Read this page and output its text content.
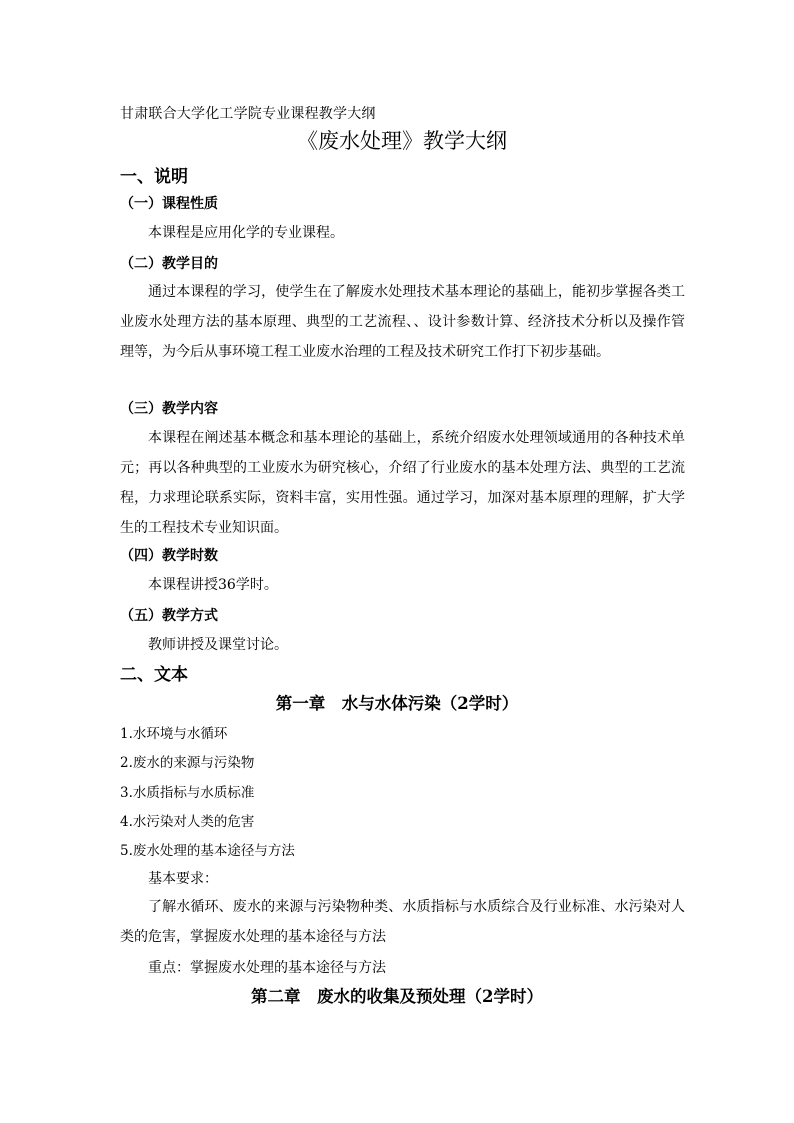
甘肃联合大学化工学院专业课程教学大纲
《废水处理》教学大纲
一、说明
（一）课程性质
本课程是应用化学的专业课程。
（二）教学目的
通过本课程的学习，使学生在了解废水处理技术基本理论的基础上，能初步掌握各类工业废水处理方法的基本原理、典型的工艺流程、、设计参数计算、经济技术分析以及操作管理等，为今后从事环境工程工业废水治理的工程及技术研究工作打下初步基础。
（三）教学内容
本课程在阐述基本概念和基本理论的基础上，系统介绍废水处理领域通用的各种技术单元；再以各种典型的工业废水为研究核心，介绍了行业废水的基本处理方法、典型的工艺流程，力求理论联系实际，资料丰富，实用性强。通过学习，加深对基本原理的理解，扩大学生的工程技术专业知识面。
（四）教学时数
本课程讲授36学时。
（五）教学方式
教师讲授及课堂讨论。
二、文本
第一章　水与水体污染（2学时）
1.水环境与水循环
2.废水的来源与污染物
3.水质指标与水质标准
4.水污染对人类的危害
5.废水处理的基本途径与方法
基本要求：
了解水循环、废水的来源与污染物种类、水质指标与水质综合及行业标准、水污染对人类的危害，掌握废水处理的基本途径与方法
重点：掌握废水处理的基本途径与方法
第二章　废水的收集及预处理（2学时）
